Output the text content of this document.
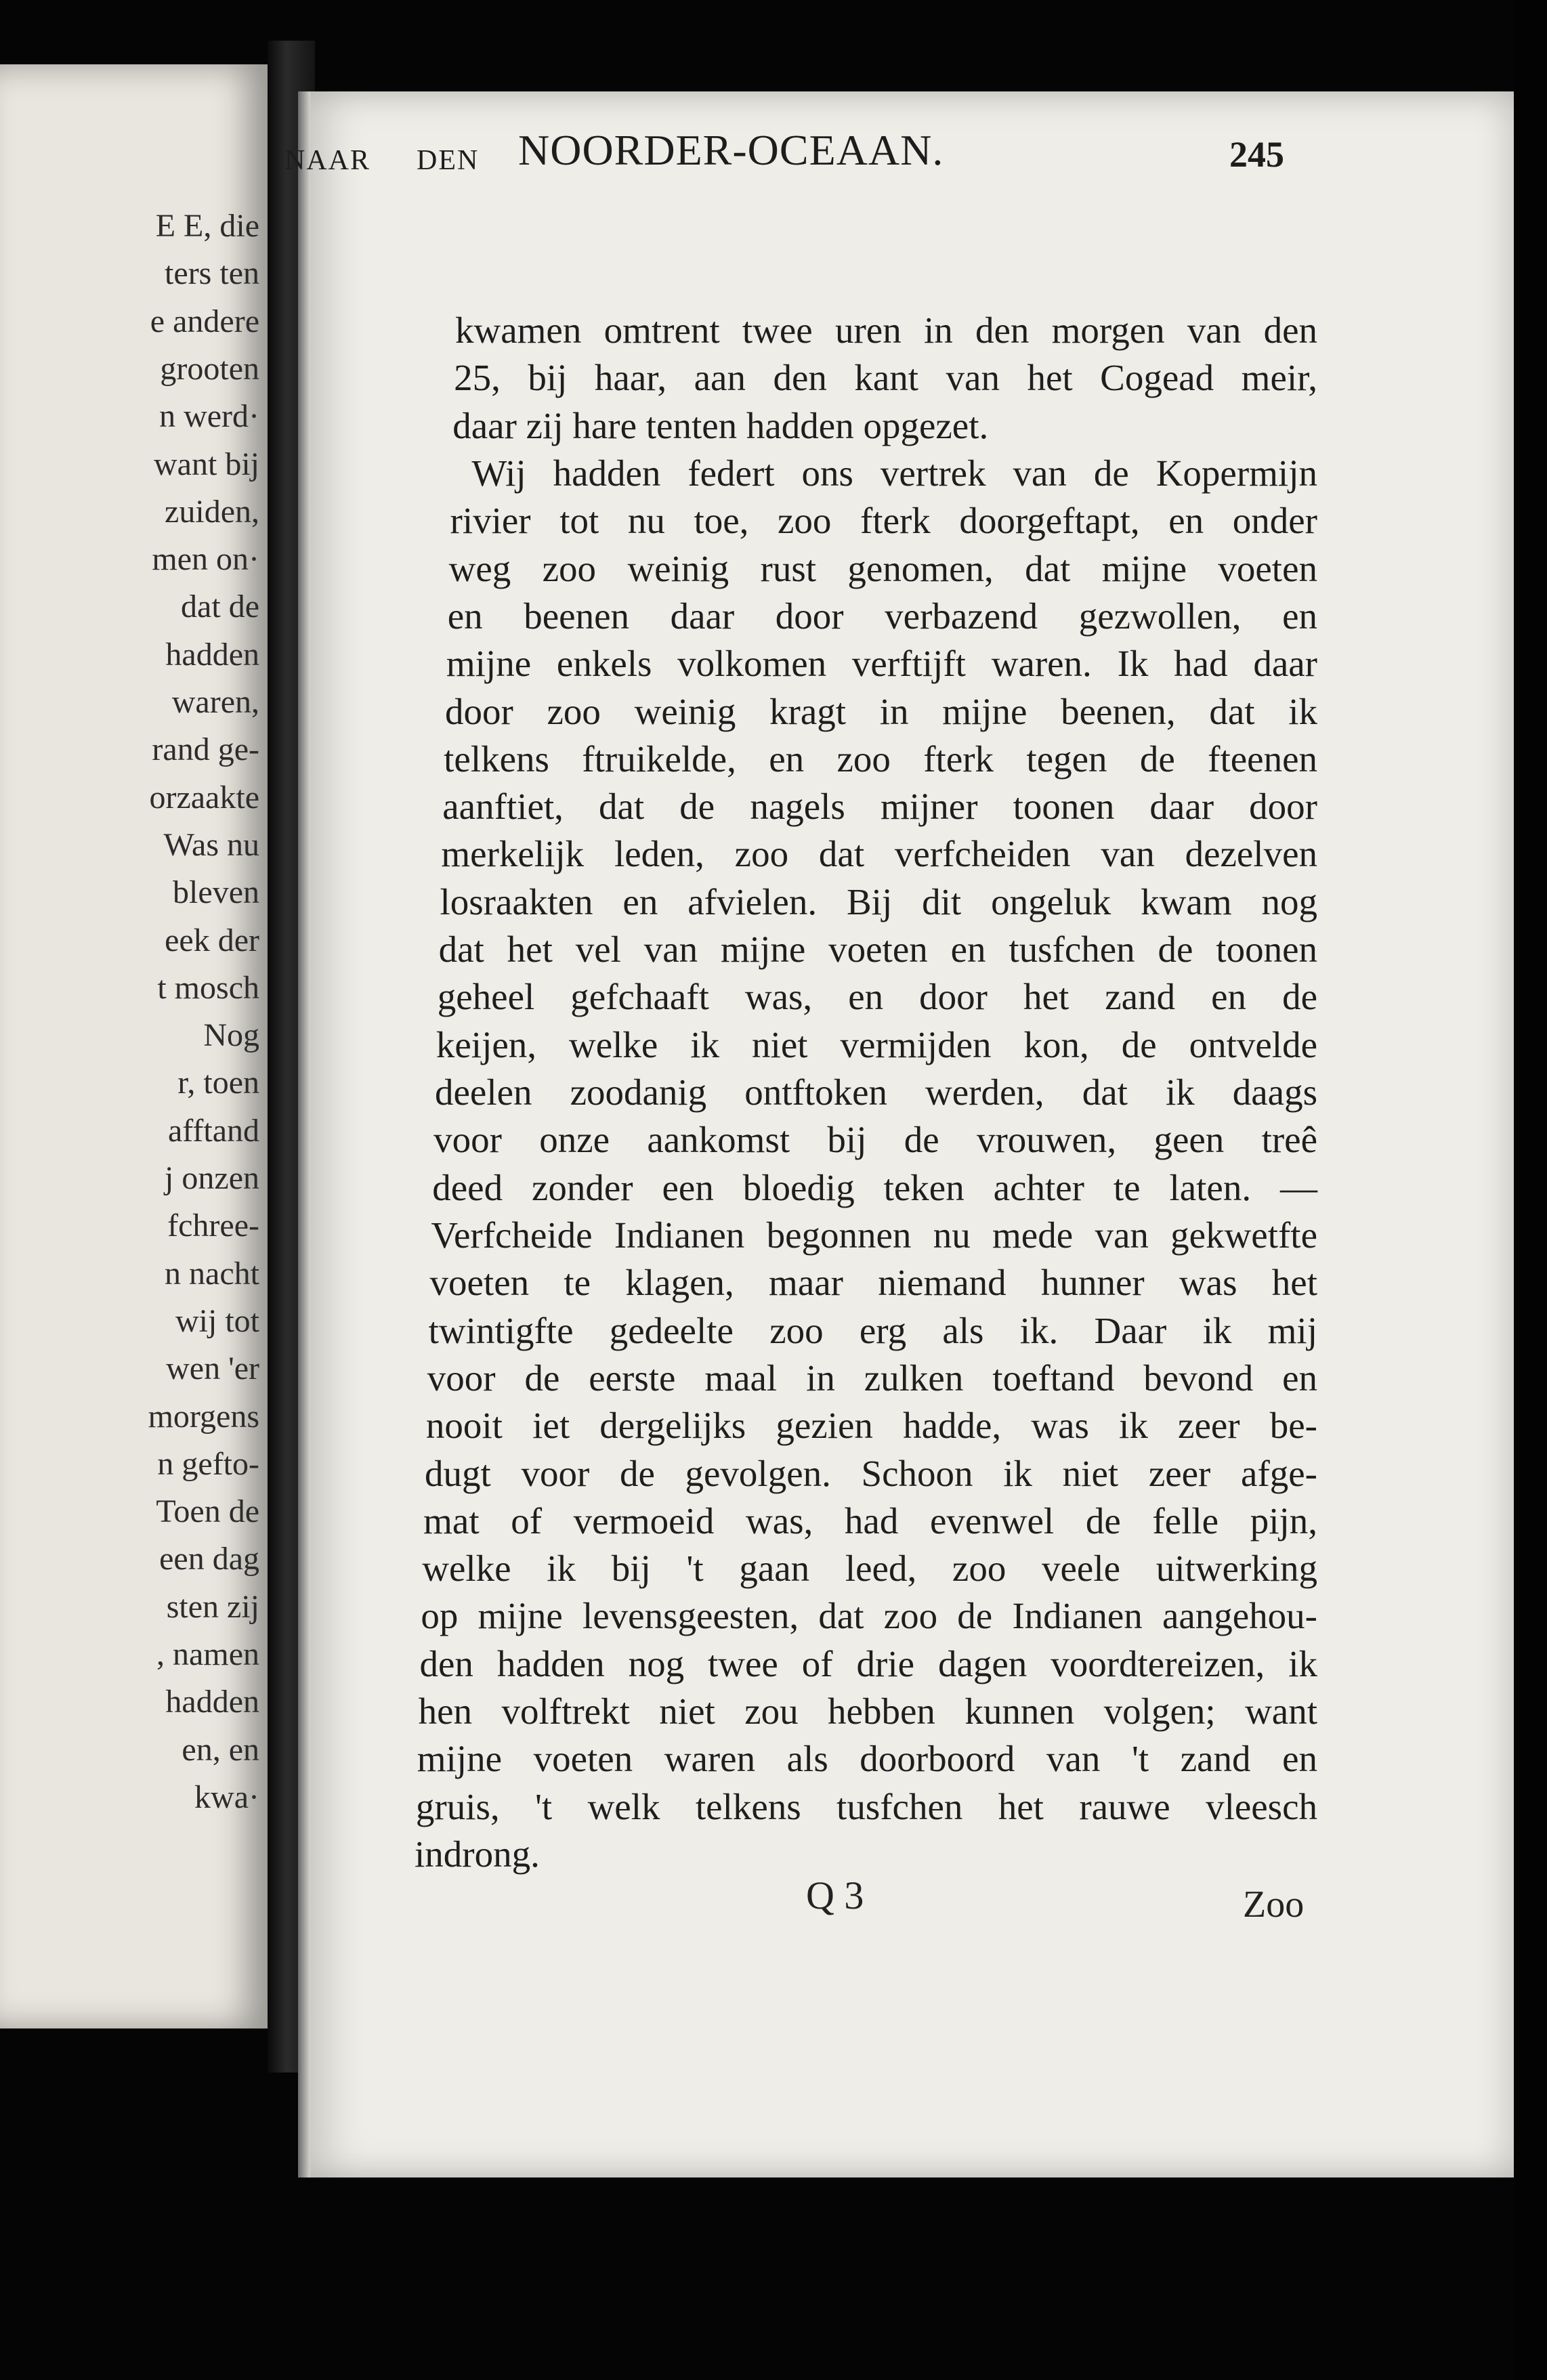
E E, die
ters ten
e andere
grooten
n werd·
want bij
zuiden,
men on·
dat de
hadden
waren,
rand ge-
orzaakte
Was nu
bleven
eek der
t mosch
Nog
r, toen
afftand
j onzen
fchree-
n nacht
wij tot
wen 'er
morgens
n gefto-
Toen de
een dag
sten zij
, namen
hadden
en, en
kwa·
NAAR DEN NOORDER-OCEAAN.	245
kwamen omtrent twee uren in den morgen van den
25, bij haar, aan den kant van het Cogead meir,
daar zij hare tenten hadden opgezet.
Wij hadden federt ons vertrek van de Kopermijn
rivier tot nu toe, zoo fterk doorgeftapt, en onder
weg zoo weinig rust genomen, dat mijne voeten
en beenen daar door verbazend gezwollen, en
mijne enkels volkomen verftijft waren. Ik had daar
door zoo weinig kragt in mijne beenen, dat ik
telkens ftruikelde, en zoo fterk tegen de fteenen
aanftiet, dat de nagels mijner toonen daar door
merkelijk leden, zoo dat verfcheiden van dezelven
losraakten en afvielen. Bij dit ongeluk kwam nog
dat het vel van mijne voeten en tusfchen de toonen
geheel gefchaaft was, en door het zand en de
keijen, welke ik niet vermijden kon, de ontvelde
deelen zoodanig ontftoken werden, dat ik daags
voor onze aankomst bij de vrouwen, geen treê
deed zonder een bloedig teken achter te laten. —
Verfcheide Indianen begonnen nu mede van gekwetfte
voeten te klagen, maar niemand hunner was het
twintigfte gedeelte zoo erg als ik. Daar ik mij
voor de eerste maal in zulken toeftand bevond en
nooit iet dergelijks gezien hadde, was ik zeer be-
dugt voor de gevolgen. Schoon ik niet zeer afge-
mat of vermoeid was, had evenwel de felle pijn,
welke ik bij 't gaan leed, zoo veele uitwerking
op mijne levensgeesten, dat zoo de Indianen aangehou-
den hadden nog twee of drie dagen voordtereizen, ik
hen volftrekt niet zou hebben kunnen volgen; want
mijne voeten waren als doorboord van 't zand en
gruis, 't welk telkens tusfchen het rauwe vleesch
indrong.
Q 3	Zoo
